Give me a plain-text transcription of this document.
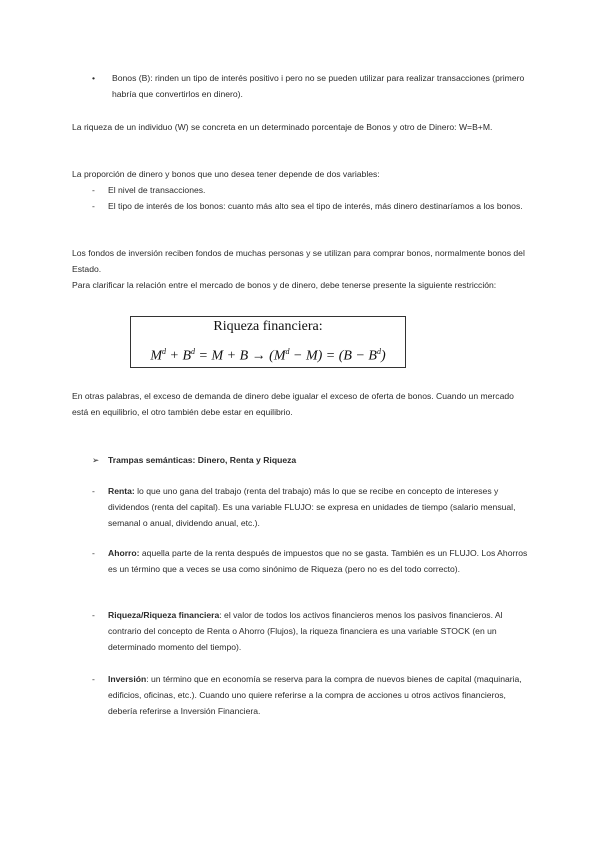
• Bonos (B): rinden un tipo de interés positivo i pero no se pueden utilizar para realizar transacciones (primero habría que convertirlos en dinero).

La riqueza de un individuo (W) se concreta en un determinado porcentaje de Bonos y otro de Dinero: W=B+M.

La proporción de dinero y bonos que uno desea tener depende de dos variables:

- El nivel de transacciones.
- El tipo de interés de los bonos: cuanto más alto sea el tipo de interés, más dinero destinaríamos a los bonos.

Los fondos de inversión reciben fondos de muchas personas y se utilizan para comprar bonos, normalmente bonos del Estado.

Para clarificar la relación entre el mercado de bonos y de dinero, debe tenerse presente la siguiente restricción:

Riqueza financiera:
$M^d + B^d = M + B \to (M^d - M) = (B - B^d)$

En otras palabras, el exceso de demanda de dinero debe igualar el exceso de oferta de bonos. Cuando un mercado está en equilibrio, el otro también debe estar en equilibrio.

➢ Trampas semánticas: Dinero, Renta y Riqueza
- Renta: lo que uno gana del trabajo (renta del trabajo) más lo que se recibe en concepto de intereses y dividendos (renta del capital). Es una variable FLUJO: se expresa en unidades de tiempo (salario mensual, semanal o anual, dividendo anual, etc.).
- Ahorro: aquella parte de la renta después de impuestos que no se gasta. También es un FLUJO. Los Ahorros es un término que a veces se usa como sinónimo de Riqueza (pero no es del todo correcto).
- Riqueza/Riqueza financiera: el valor de todos los activos financieros menos los pasivos financieros. Al contrario del concepto de Renta o Ahorro (Flujos), la riqueza financiera es una variable STOCK (en un determinado momento del tiempo).
- Inversión: un término que en economía se reserva para la compra de nuevos bienes de capital (maquinaria, edificios, oficinas, etc.). Cuando uno quiere referirse a la compra de acciones u otros activos financieros, debería referirse a Inversión Financiera.
